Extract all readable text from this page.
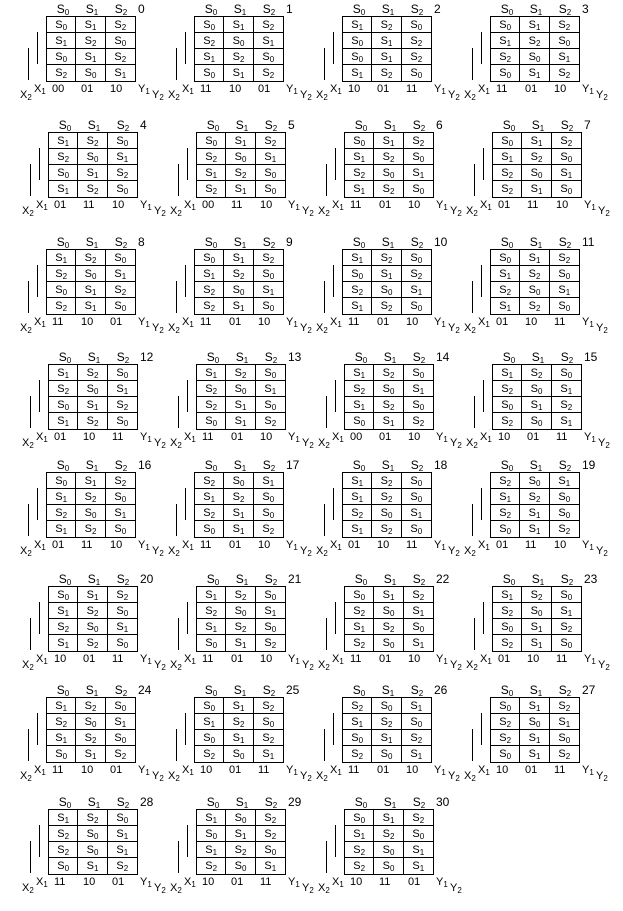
$S_0$	$S_1$	$S_2$ 0
$S_0$	$S_1$	$S_2$
$S_1$	$S_2$	$S_0$
$S_0$	$S_1$	$S_2$
$S_2$	$S_0$	$S_1$
$X_2$
$X_1$ 00 01 10 $Y_1$ $Y_2$
$S_0$	$S_1$	$S_2$ 1
$S_0$	$S_1$	$S_2$
$S_2$	$S_0$	$S_1$
$S_1$	$S_2$	$S_0$
$S_0$	$S_1$	$S_2$
$X_2$
$X_1$ 11 10 01 $Y_1$ $Y_2$
$S_0$	$S_1$	$S_2$ 2
$S_1$	$S_2$	$S_0$
$S_0$	$S_1$	$S_2$
$S_0$	$S_1$	$S_2$
$S_1$	$S_2$	$S_0$
$X_2$
$X_1$ 10 01 11 $Y_1$ $Y_2$
$S_0$	$S_1$	$S_2$ 3
$S_0$	$S_1$	$S_2$
$S_1$	$S_2$	$S_0$
$S_2$	$S_0$	$S_1$
$S_0$	$S_1$	$S_2$
$X_2$
$X_1$ 11 01 10 $Y_1$ $Y_2$
$S_0$	$S_1$	$S_2$ 4
$S_1$	$S_2$	$S_0$
$S_2$	$S_0$	$S_1$
$S_0$	$S_1$	$S_2$
$S_1$	$S_2$	$S_0$
$X_2$
$X_1$ 01 11 10 $Y_1$ $Y_2$
$S_0$	$S_1$	$S_2$ 5
$S_0$	$S_1$	$S_2$
$S_2$	$S_0$	$S_1$
$S_1$	$S_2$	$S_0$
$S_2$	$S_1$	$S_0$
$X_2$
$X_1$ 00 11 10 $Y_1$ $Y_2$
$S_0$	$S_1$	$S_2$ 6
$S_0$	$S_1$	$S_2$
$S_1$	$S_2$	$S_0$
$S_2$	$S_0$	$S_1$
$S_1$	$S_2$	$S_0$
$X_2$
$X_1$ 11 01 10 $Y_1$ $Y_2$
$S_0$	$S_1$	$S_2$ 7
$S_0$	$S_1$	$S_2$
$S_1$	$S_2$	$S_0$
$S_2$	$S_0$	$S_1$
$S_2$	$S_1$	$S_0$
$X_2$
$X_1$ 01 11 10 $Y_1$ $Y_2$
$S_0$	$S_1$	$S_2$ 8
$S_1$	$S_2$	$S_0$
$S_2$	$S_0$	$S_1$
$S_0$	$S_1$	$S_2$
$S_2$	$S_1$	$S_0$
$X_2$
$X_1$ 11 10 01 $Y_1$ $Y_2$
$S_0$	$S_1$	$S_2$ 9
$S_0$	$S_1$	$S_2$
$S_1$	$S_2$	$S_0$
$S_2$	$S_0$	$S_1$
$S_2$	$S_1$	$S_0$
$X_2$
$X_1$ 11 01 10 $Y_1$ $Y_2$
$S_0$	$S_1$	$S_2$ 10
$S_1$	$S_2$	$S_0$
$S_0$	$S_1$	$S_2$
$S_2$	$S_0$	$S_1$
$S_1$	$S_2$	$S_0$
$X_2$
$X_1$ 11 01 10 $Y_1$ $Y_2$
$S_0$	$S_1$	$S_2$ 11
$S_0$	$S_1$	$S_2$
$S_1$	$S_2$	$S_0$
$S_2$	$S_0$	$S_1$
$S_1$	$S_2$	$S_0$
$X_2$
$X_1$ 01 10 11 $Y_1$ $Y_2$
$S_0$	$S_1$	$S_2$ 12
$S_1$	$S_2$	$S_0$
$S_2$	$S_0$	$S_1$
$S_0$	$S_1$	$S_2$
$S_1$	$S_2$	$S_0$
$X_2$
$X_1$ 01 10 11 $Y_1$ $Y_2$
$S_0$	$S_1$	$S_2$ 13
$S_1$	$S_2$	$S_0$
$S_2$	$S_0$	$S_1$
$S_2$	$S_1$	$S_0$
$S_0$	$S_1$	$S_2$
$X_2$
$X_1$ 11 01 10 $Y_1$ $Y_2$
$S_0$	$S_1$	$S_2$ 14
$S_1$	$S_2$	$S_0$
$S_2$	$S_0$	$S_1$
$S_1$	$S_2$	$S_0$
$S_0$	$S_1$	$S_2$
$X_2$
$X_1$ 00 01 10 $Y_1$ $Y_2$
$S_0$	$S_1$	$S_2$ 15
$S_1$	$S_2$	$S_0$
$S_2$	$S_0$	$S_1$
$S_0$	$S_1$	$S_2$
$S_2$	$S_0$	$S_1$
$X_2$
$X_1$ 10 01 11 $Y_1$ $Y_2$
$S_0$	$S_1$	$S_2$ 16
$S_0$	$S_1$	$S_2$
$S_1$	$S_2$	$S_0$
$S_2$	$S_0$	$S_1$
$S_1$	$S_2$	$S_0$
$X_2$
$X_1$ 01 11 10 $Y_1$ $Y_2$
$S_0$	$S_1$	$S_2$ 17
$S_2$	$S_0$	$S_1$
$S_1$	$S_2$	$S_0$
$S_2$	$S_1$	$S_0$
$S_0$	$S_1$	$S_2$
$X_2$
$X_1$ 11 01 10 $Y_1$ $Y_2$
$S_0$	$S_1$	$S_2$ 18
$S_1$	$S_2$	$S_0$
$S_1$	$S_2$	$S_0$
$S_2$	$S_0$	$S_1$
$S_1$	$S_2$	$S_0$
$X_2$
$X_1$ 01 10 11 $Y_1$ $Y_2$
$S_0$	$S_1$	$S_2$ 19
$S_2$	$S_0$	$S_1$
$S_1$	$S_2$	$S_0$
$S_2$	$S_1$	$S_0$
$S_0$	$S_1$	$S_2$
$X_2$
$X_1$ 01 11 10 $Y_1$ $Y_2$
$S_0$	$S_1$	$S_2$ 20
$S_0$	$S_1$	$S_2$
$S_1$	$S_2$	$S_0$
$S_2$	$S_0$	$S_1$
$S_1$	$S_2$	$S_0$
$X_2$
$X_1$ 10 01 11 $Y_1$ $Y_2$
$S_0$	$S_1$	$S_2$ 21
$S_1$	$S_2$	$S_0$
$S_2$	$S_0$	$S_1$
$S_1$	$S_2$	$S_0$
$S_0$	$S_1$	$S_2$
$X_2$
$X_1$ 11 01 10 $Y_1$ $Y_2$
$S_0$	$S_1$	$S_2$ 22
$S_0$	$S_1$	$S_2$
$S_2$	$S_0$	$S_1$
$S_1$	$S_2$	$S_0$
$S_2$	$S_0$	$S_1$
$X_2$
$X_1$ 11 01 10 $Y_1$ $Y_2$
$S_0$	$S_1$	$S_2$ 23
$S_1$	$S_2$	$S_0$
$S_2$	$S_0$	$S_1$
$S_0$	$S_1$	$S_2$
$S_2$	$S_1$	$S_0$
$X_2$
$X_1$ 01 10 11 $Y_1$ $Y_2$
$S_0$	$S_1$	$S_2$ 24
$S_1$	$S_2$	$S_0$
$S_2$	$S_0$	$S_1$
$S_1$	$S_2$	$S_0$
$S_0$	$S_1$	$S_2$
$X_2$
$X_1$ 11 10 01 $Y_1$ $Y_2$
$S_0$	$S_1$	$S_2$ 25
$S_0$	$S_1$	$S_2$
$S_1$	$S_2$	$S_0$
$S_0$	$S_1$	$S_2$
$S_2$	$S_0$	$S_1$
$X_2$
$X_1$ 10 01 11 $Y_1$ $Y_2$
$S_0$	$S_1$	$S_2$ 26
$S_2$	$S_0$	$S_1$
$S_1$	$S_2$	$S_0$
$S_0$	$S_1$	$S_2$
$S_2$	$S_0$	$S_1$
$X_2$
$X_1$ 11 01 10 $Y_1$ $Y_2$
$S_0$	$S_1$	$S_2$ 27
$S_0$	$S_1$	$S_2$
$S_2$	$S_0$	$S_1$
$S_2$	$S_1$	$S_0$
$S_0$	$S_1$	$S_2$
$X_2$
$X_1$ 10 01 11 $Y_1$ $Y_2$
$S_0$	$S_1$	$S_2$ 28
$S_1$	$S_2$	$S_0$
$S_2$	$S_0$	$S_1$
$S_2$	$S_0$	$S_1$
$S_0$	$S_1$	$S_2$
$X_2$
$X_1$ 11 10 01 $Y_1$ $Y_2$
$S_0$	$S_1$	$S_2$ 29
$S_1$	$S_0$	$S_2$
$S_0$	$S_1$	$S_2$
$S_1$	$S_2$	$S_0$
$S_2$	$S_0$	$S_1$
$X_2$
$X_1$ 10 01 11 $Y_1$ $Y_2$
$S_0$	$S_1$	$S_2$ 30
$S_0$	$S_1$	$S_2$
$S_1$	$S_2$	$S_0$
$S_2$	$S_0$	$S_1$
$S_2$	$S_0$	$S_1$
$X_2$
$X_1$ 10 11 01 $Y_1$ $Y_2$
